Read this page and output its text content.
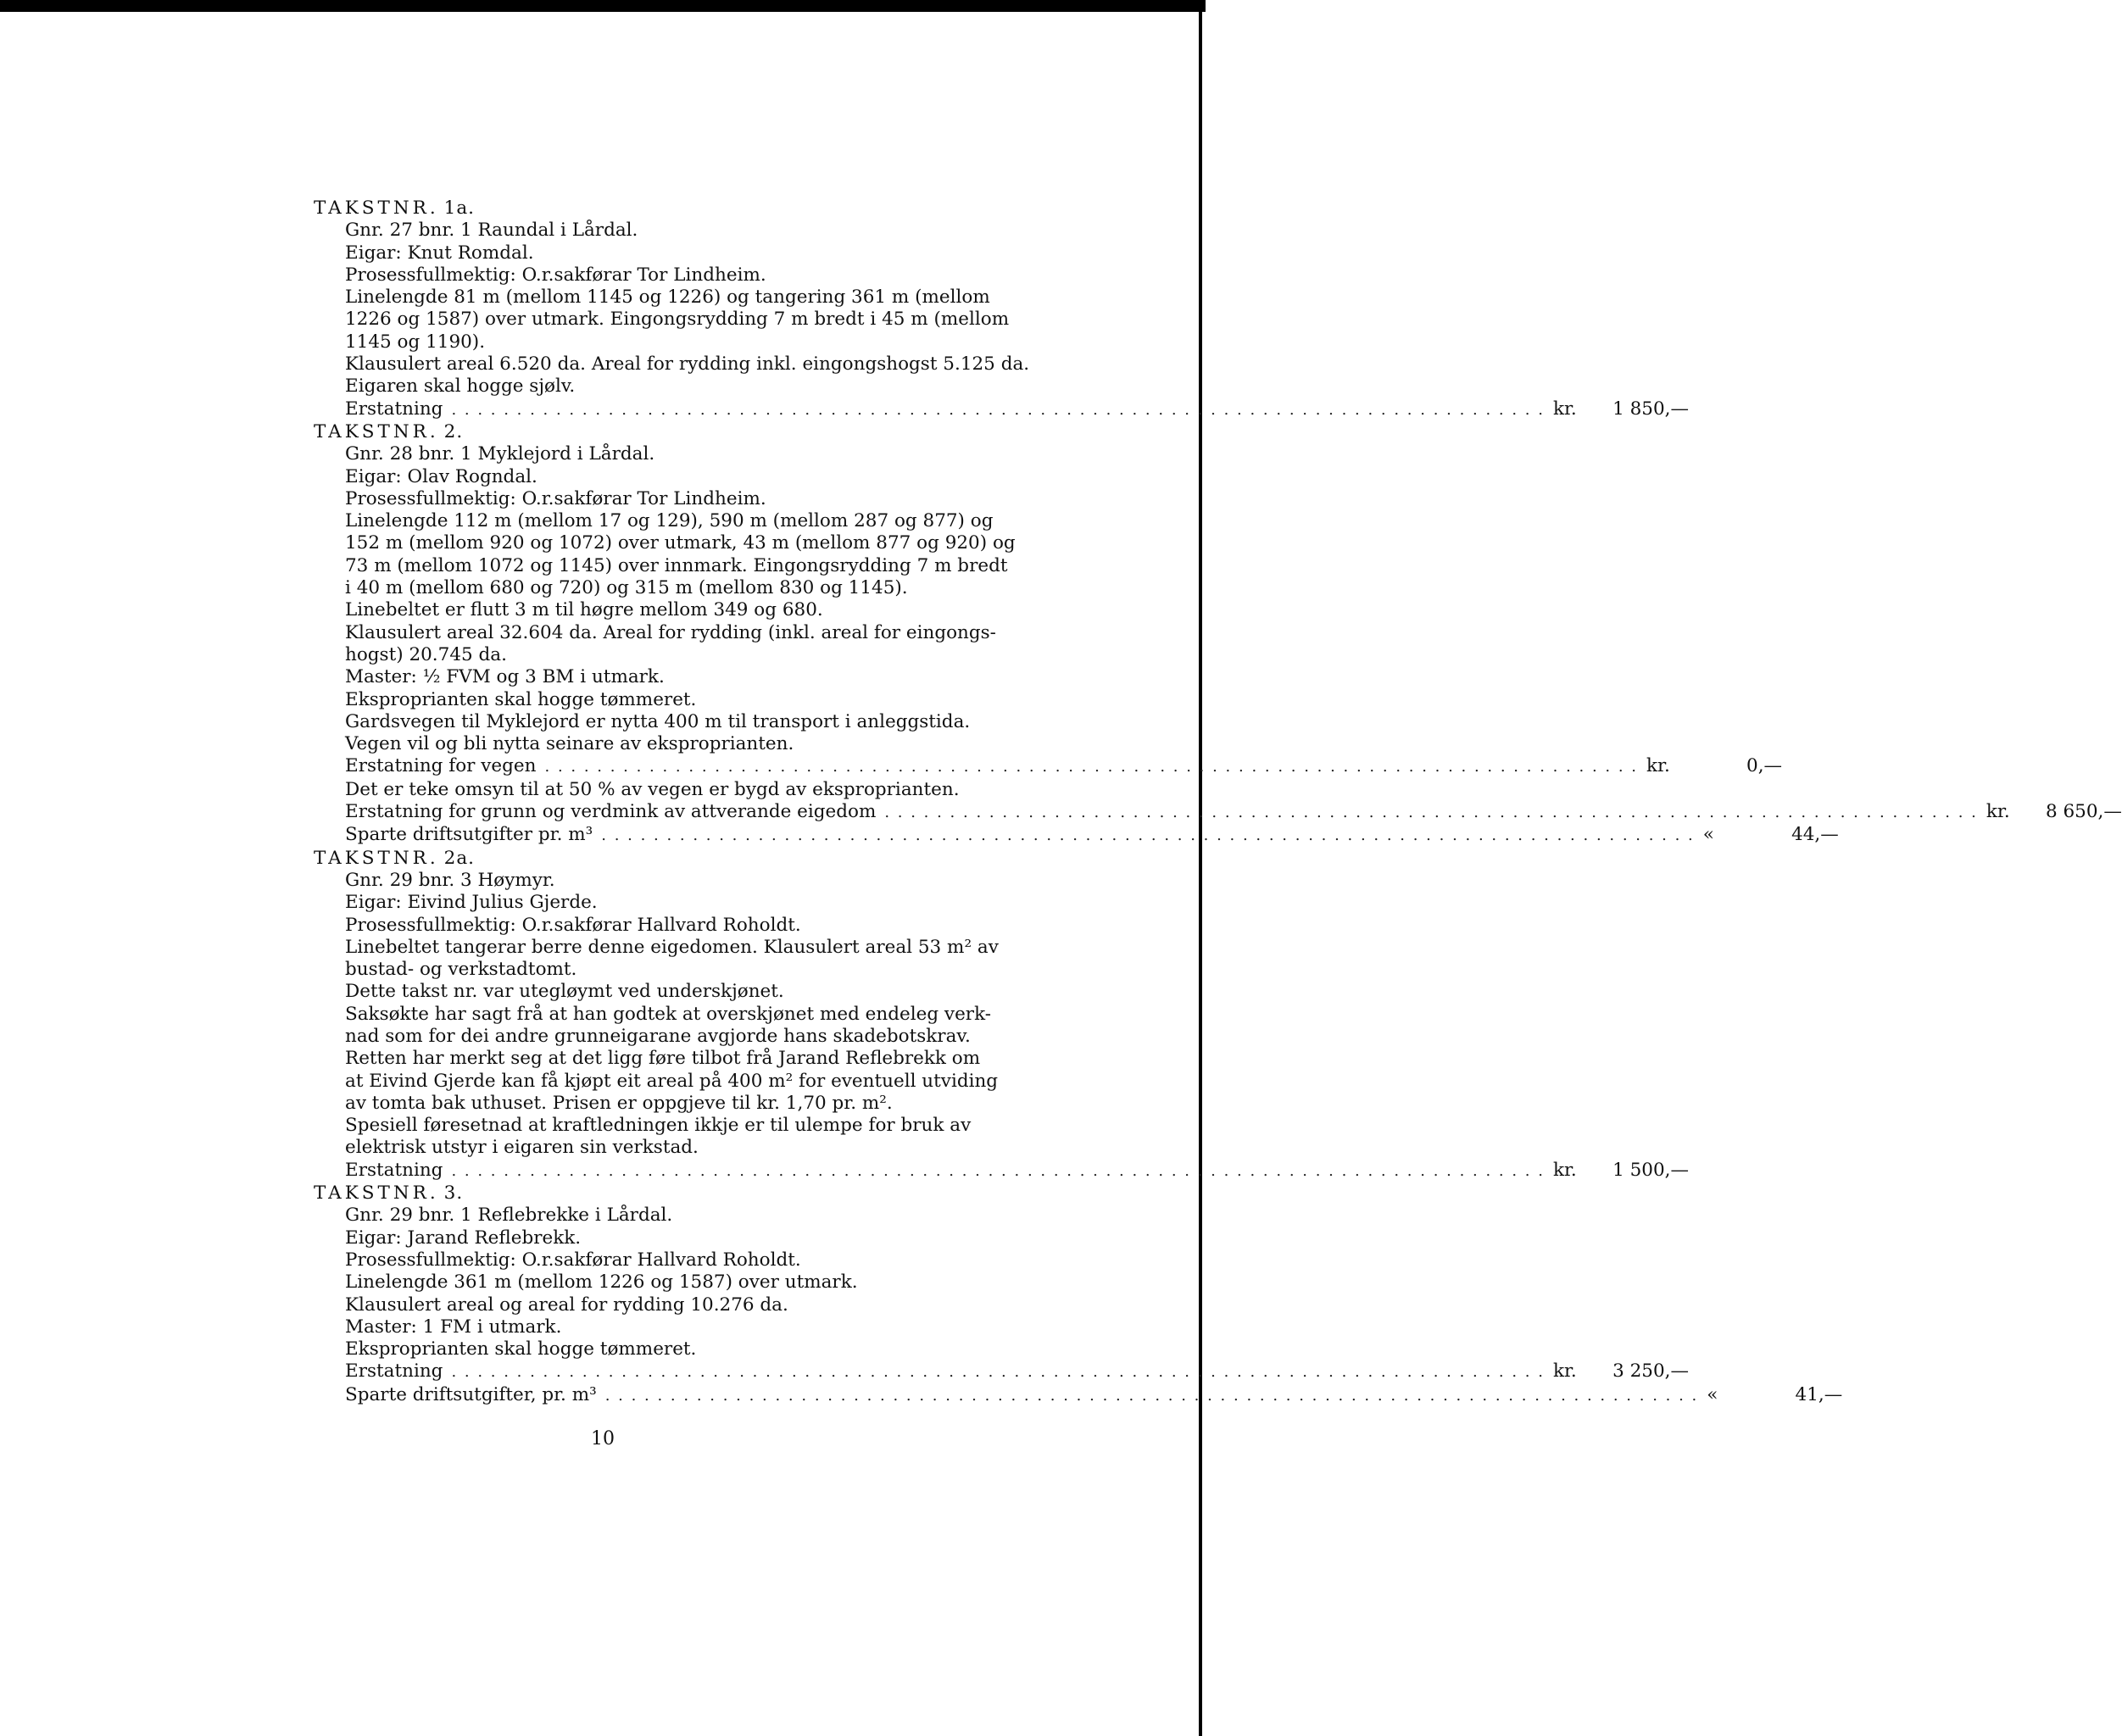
TAKSTNR. 1a.
Gnr. 27 bnr. 1 Raundal i Lårdal.
Eigar: Knut Romdal.
Prosessfullmektig: O.r.sakførar Tor Lindheim.
Linelengde 81 m (mellom 1145 og 1226) og tangering 361 m (mellom
1226 og 1587) over utmark. Eingongsrydding 7 m bredt i 45 m (mellom
1145 og 1190).
Klausulert areal 6.520 da. Areal for rydding inkl. eingongshogst 5.125 da.
Eigaren skal hogge sjølv.
Erstatning . . . . . . . . . . . . . . . . . . . . . . . . . . . . . . . . . . . . . . . . . . . . . . . . . . . . . . . . . . . . . . . . . . . . . . . . . . . . . . . . . . . . kr.	1 850,—
TAKSTNR. 2.
Gnr. 28 bnr. 1 Myklejord i Lårdal.
Eigar: Olav Rogndal.
Prosessfullmektig: O.r.sakførar Tor Lindheim.
Linelengde 112 m (mellom 17 og 129), 590 m (mellom 287 og 877) og
152 m (mellom 920 og 1072) over utmark, 43 m (mellom 877 og 920) og
73 m (mellom 1072 og 1145) over innmark. Eingongsrydding 7 m bredt
i 40 m (mellom 680 og 720) og 315 m (mellom 830 og 1145).
Linebeltet er flutt 3 m til høgre mellom 349 og 680.
Klausulert areal 32.604 da. Areal for rydding (inkl. areal for eingongs-
hogst) 20.745 da.
Master: ½ FVM og 3 BM i utmark.
Eksproprianten skal hogge tømmeret.
Gardsvegen til Myklejord er nytta 400 m til transport i anleggstida.
Vegen vil og bli nytta seinare av eksproprianten.
Erstatning for vegen . . . . . . . . . . . . . . . . . . . . . . . . . . . . . . . . . . . . . . . . . . . . . . . . . . . . . . . . . . . . . . . . . . . . . . . . . . . . . . . . . . . . kr.	0,—
Det er teke omsyn til at 50 % av vegen er bygd av eksproprianten.
Erstatning for grunn og verdmink av attverande eigedom . . . . . . . . . . . . . . . . . . . . . . . . . . . . . . . . . . . . . . . . . . . . . . . . . . . . . . . . . . . . . . . . . . . . . . . . . . . . . . . . . . . . kr.	8 650,—
Sparte driftsutgifter pr. m³ . . . . . . . . . . . . . . . . . . . . . . . . . . . . . . . . . . . . . . . . . . . . . . . . . . . . . . . . . . . . . . . . . . . . . . . . . . . . . . . . . . . . «	44,—
TAKSTNR. 2a.
Gnr. 29 bnr. 3 Høymyr.
Eigar: Eivind Julius Gjerde.
Prosessfullmektig: O.r.sakførar Hallvard Roholdt.
Linebeltet tangerar berre denne eigedomen. Klausulert areal 53 m² av
bustad- og verkstadtomt.
Dette takst nr. var utegløymt ved underskjønet.
Saksøkte har sagt frå at han godtek at overskjønet med endeleg verk-
nad som for dei andre grunneigarane avgjorde hans skadebotskrav.
Retten har merkt seg at det ligg føre tilbot frå Jarand Reflebrekk om
at Eivind Gjerde kan få kjøpt eit areal på 400 m² for eventuell utviding
av tomta bak uthuset. Prisen er oppgjeve til kr. 1,70 pr. m².
Spesiell føresetnad at kraftledningen ikkje er til ulempe for bruk av
elektrisk utstyr i eigaren sin verkstad.
Erstatning . . . . . . . . . . . . . . . . . . . . . . . . . . . . . . . . . . . . . . . . . . . . . . . . . . . . . . . . . . . . . . . . . . . . . . . . . . . . . . . . . . . . kr.	1 500,—
TAKSTNR. 3.
Gnr. 29 bnr. 1 Reflebrekke i Lårdal.
Eigar: Jarand Reflebrekk.
Prosessfullmektig: O.r.sakførar Hallvard Roholdt.
Linelengde 361 m (mellom 1226 og 1587) over utmark.
Klausulert areal og areal for rydding 10.276 da.
Master: 1 FM i utmark.
Eksproprianten skal hogge tømmeret.
Erstatning . . . . . . . . . . . . . . . . . . . . . . . . . . . . . . . . . . . . . . . . . . . . . . . . . . . . . . . . . . . . . . . . . . . . . . . . . . . . . . . . . . . . kr.	3 250,—
Sparte driftsutgifter, pr. m³ . . . . . . . . . . . . . . . . . . . . . . . . . . . . . . . . . . . . . . . . . . . . . . . . . . . . . . . . . . . . . . . . . . . . . . . . . . . . . . . . . . . . «	41,—
10
